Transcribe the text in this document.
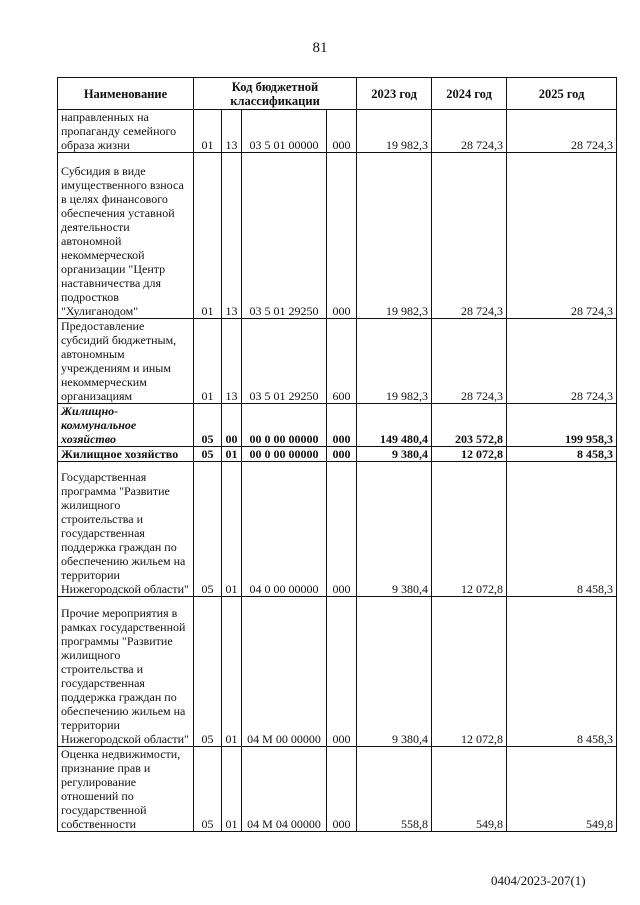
81
Наименование	Код бюджетной классификации				2023 год	2024 год	2025 год
направленных на пропаганду семейного образа жизни	01	13	03 5 01 00000	000	19 982,3	28 724,3	28 724,3
Субсидия в виде имущественного взноса в целях финансового обеспечения уставной деятельности автономной некоммерческой организации "Центр наставничества для подростков "Хулиганодом"	01	13	03 5 01 29250	000	19 982,3	28 724,3	28 724,3
Предоставление субсидий бюджетным, автономным учреждениям и иным некоммерческим организациям	01	13	03 5 01 29250	600	19 982,3	28 724,3	28 724,3
Жилищно-коммунальное хозяйство	05	00	00 0 00 00000	000	149 480,4	203 572,8	199 958,3
Жилищное хозяйство	05	01	00 0 00 00000	000	9 380,4	12 072,8	8 458,3
Государственная программа "Развитие жилищного строительства и государственная поддержка граждан по обеспечению жильем на территории Нижегородской области"	05	01	04 0 00 00000	000	9 380,4	12 072,8	8 458,3
Прочие мероприятия в рамках государственной программы "Развитие жилищного строительства и государственная поддержка граждан по обеспечению жильем на территории Нижегородской области"	05	01	04 М 00 00000	000	9 380,4	12 072,8	8 458,3
Оценка недвижимости, признание прав и регулирование отношений по государственной собственности	05	01	04 М 04 00000	000	558,8	549,8	549,8
0404/2023-207(1)
